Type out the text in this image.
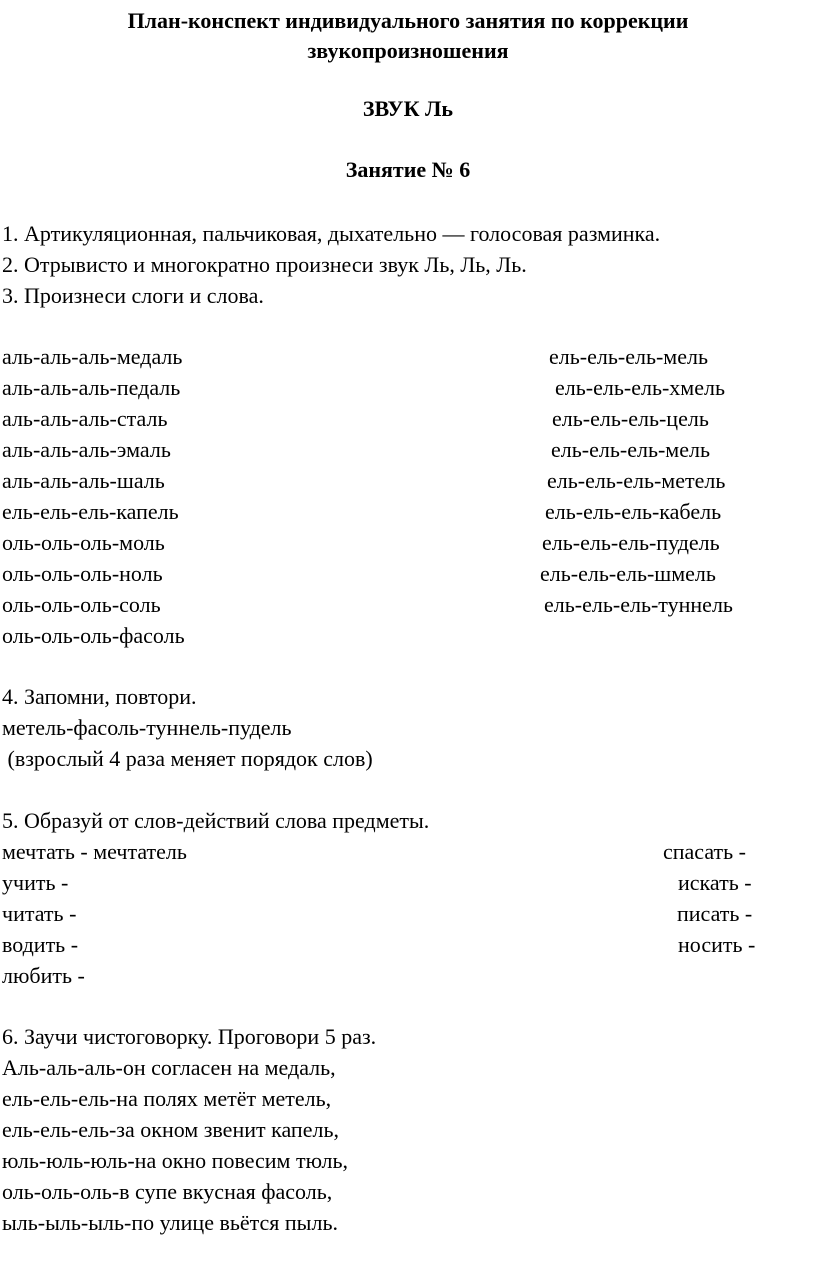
План-конспект индивидуального занятия по коррекции
звукопроизношения
ЗВУК Ль
Занятие № 6
1. Артикуляционная, пальчиковая, дыхательно — голосовая разминка.
2. Отрывисто и многократно произнеси звук Ль, Ль, Ль.
3. Произнеси слоги и слова.
аль-аль-аль-медаль
аль-аль-аль-педаль
аль-аль-аль-сталь
аль-аль-аль-эмаль
аль-аль-аль-шаль
ель-ель-ель-капель
оль-оль-оль-моль
оль-оль-оль-ноль
оль-оль-оль-соль
оль-оль-оль-фасоль
ель-ель-ель-мель
ель-ель-ель-хмель
ель-ель-ель-цель
ель-ель-ель-мель
ель-ель-ель-метель
ель-ель-ель-кабель
ель-ель-ель-пудель
ель-ель-ель-шмель
ель-ель-ель-туннель
4. Запомни, повтори.
метель-фасоль-туннель-пудель
(взрослый 4 раза меняет порядок слов)
5. Образуй от слов-действий слова предметы.
мечтать - мечтатель
учить -
читать -
водить -
любить -
спасать -
искать -
писать -
носить -
6. Заучи чистоговорку. Проговори 5 раз.
Аль-аль-аль-он согласен на медаль,
ель-ель-ель-на полях метёт метель,
ель-ель-ель-за окном звенит капель,
юль-юль-юль-на окно повесим тюль,
оль-оль-оль-в супе вкусная фасоль,
ыль-ыль-ыль-по улице вьётся пыль.
